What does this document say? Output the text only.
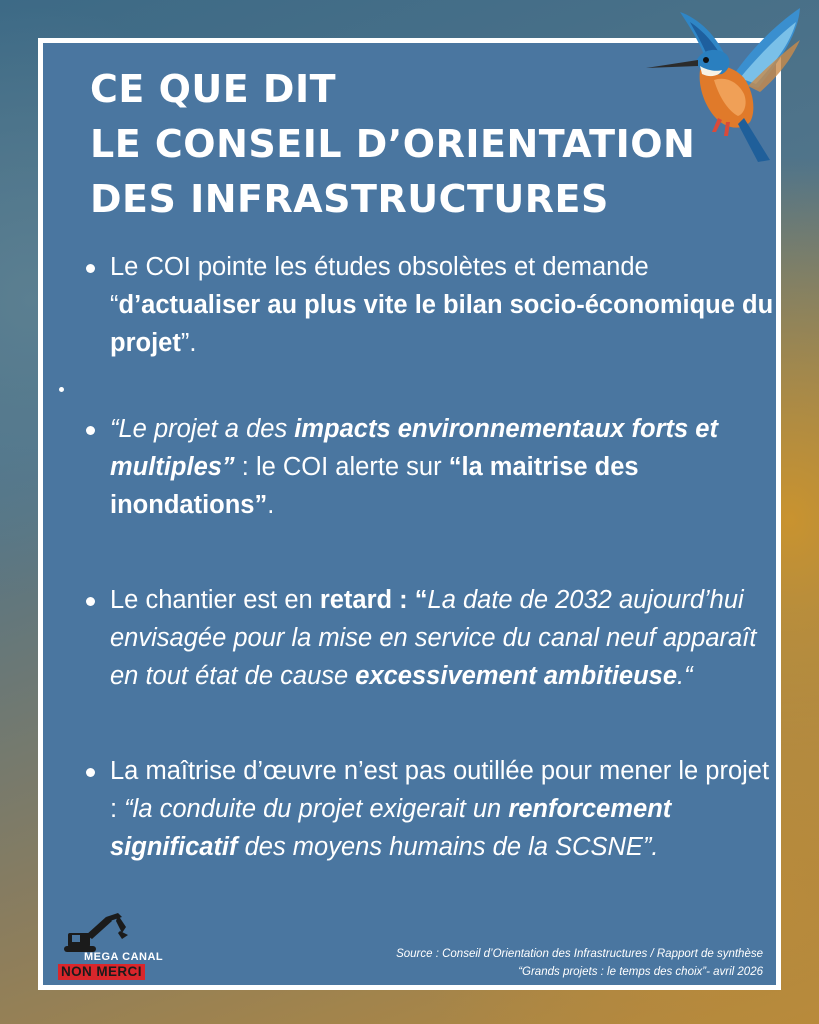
CE QUE DIT
LE CONSEIL D’ORIENTATION
DES INFRASTRUCTURES

Le COI pointe les études obsolètes et demande “d’actualiser au plus vite le bilan socio-économique du projet”.

“Le projet a des impacts environnementaux forts et multiples” : le COI alerte sur “la maitrise des inondations”.

Le chantier est en retard : “La date de 2032 aujourd’hui envisagée pour la mise en service du canal neuf apparaît en tout état de cause excessivement ambitieuse.“

La maîtrise d’œuvre n’est pas outillée pour mener le projet : “la conduite du projet exigerait un renforcement significatif des moyens humains de la SCSNE”.

MEGA CANAL
NON MERCI
Source : Conseil d’Orientation des Infrastructures / Rapport de synthèse
“Grands projets : le temps des choix”- avril 2026
